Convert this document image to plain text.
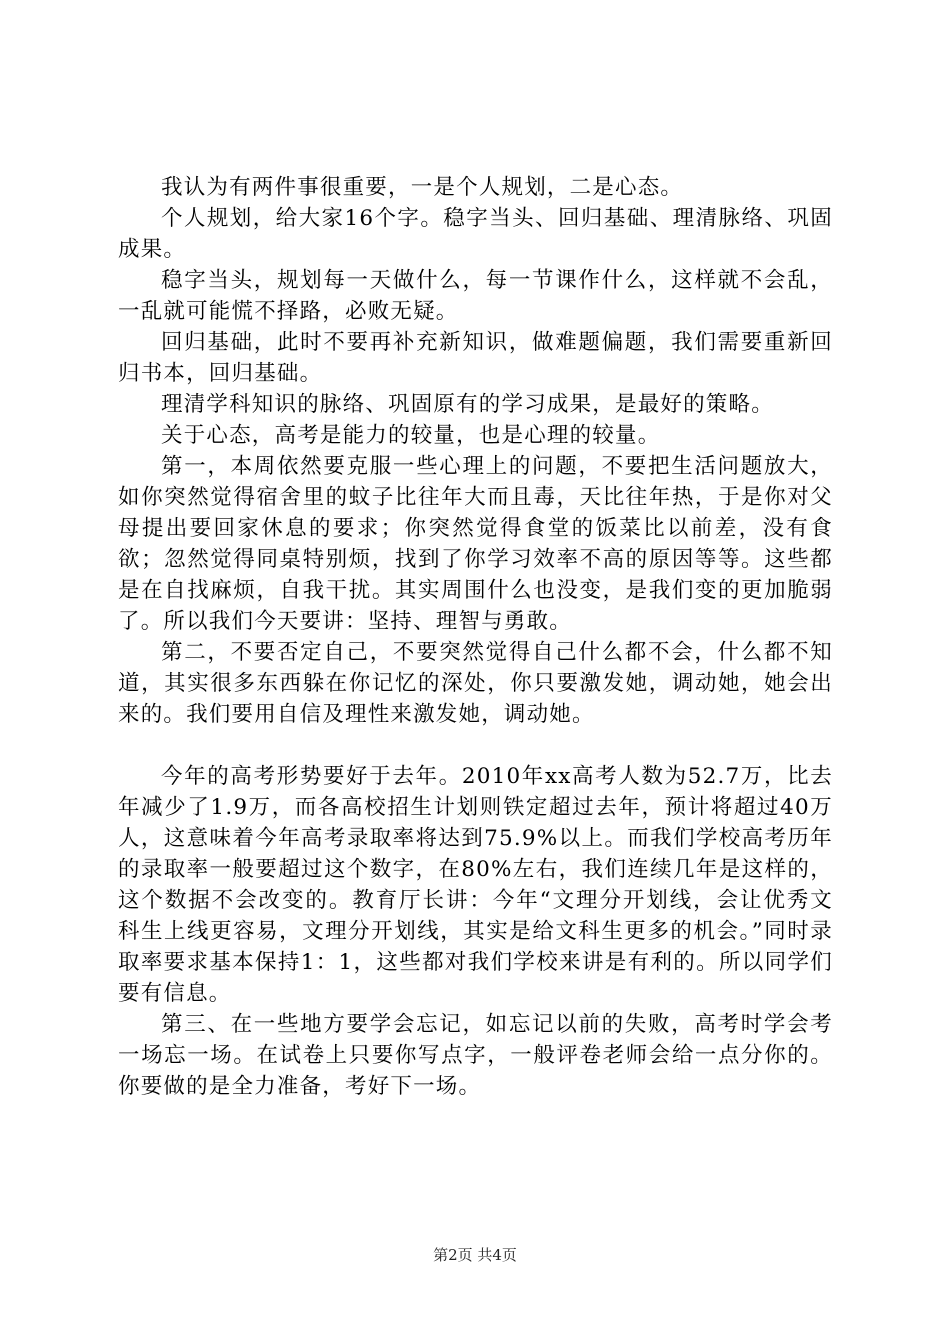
我认为有两件事很重要，一是个人规划，二是心态。

个人规划，给大家16个字。稳字当头、回归基础、理清脉络、巩固成果。

稳字当头，规划每一天做什么，每一节课作什么，这样就不会乱，一乱就可能慌不择路，必败无疑。

回归基础，此时不要再补充新知识，做难题偏题，我们需要重新回归书本，回归基础。

理清学科知识的脉络、巩固原有的学习成果，是最好的策略。

关于心态，高考是能力的较量，也是心理的较量。

第一，本周依然要克服一些心理上的问题，不要把生活问题放大，如你突然觉得宿舍里的蚊子比往年大而且毒，天比往年热，于是你对父母提出要回家休息的要求；你突然觉得食堂的饭菜比以前差，没有食欲；忽然觉得同桌特别烦，找到了你学习效率不高的原因等等。这些都是在自找麻烦，自我干扰。其实周围什么也没变，是我们变的更加脆弱了。所以我们今天要讲：坚持、理智与勇敢。

第二，不要否定自己，不要突然觉得自己什么都不会，什么都不知道，其实很多东西躲在你记忆的深处，你只要激发她，调动她，她会出来的。我们要用自信及理性来激发她，调动她。

今年的高考形势要好于去年。2010年xx高考人数为52.7万，比去年减少了1.9万，而各高校招生计划则铁定超过去年，预计将超过40万人，这意味着今年高考录取率将达到75.9%以上。而我们学校高考历年的录取率一般要超过这个数字，在80%左右，我们连续几年是这样的，这个数据不会改变的。教育厅长讲：今年“文理分开划线，会让优秀文科生上线更容易，文理分开划线，其实是给文科生更多的机会。”同时录取率要求基本保持1：1，这些都对我们学校来讲是有利的。所以同学们要有信息。

第三、在一些地方要学会忘记，如忘记以前的失败，高考时学会考一场忘一场。在试卷上只要你写点字，一般评卷老师会给一点分你的。你要做的是全力准备，考好下一场。

第2页 共4页
